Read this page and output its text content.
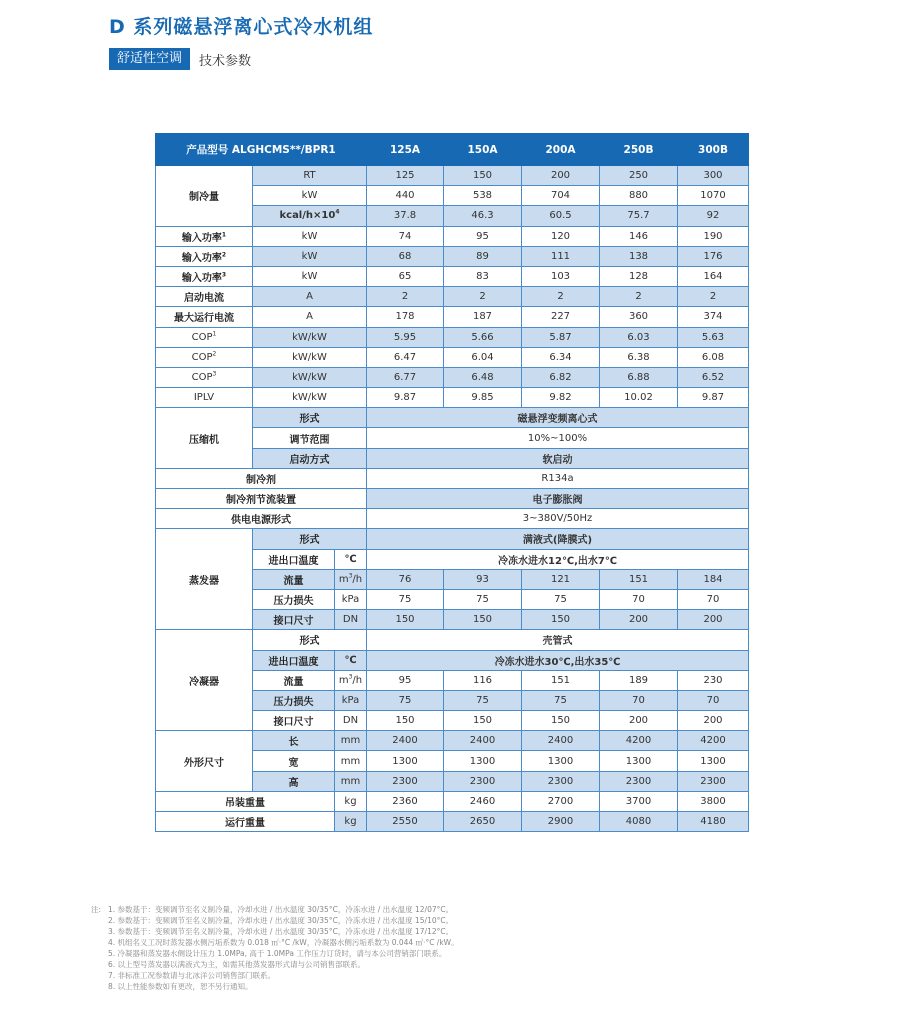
D 系列磁悬浮离心式冷水机组
舒适性空调	技术参数
产品型号 ALGHCMS**/BPR1			125A	150A	200A	250B	300B
制冷量	RT		125	150	200	250	300
	kW		440	538	704	880	1070
	kcal/$h\times 10^4$		37.8	46.3	60.5	75.7	92
输入功率$^1$	kW		74	95	120	146	190
输入功率$^2$	kW		68	89	111	138	176
输入功率$^3$	kW		65	83	103	128	164
启动电流	A		2	2	2	2	2
最大运行电流	A		178	187	227	360	374
COP$^1$	kW/kW		5.95	5.66	5.87	6.03	5.63
COP$^2$	kW/kW		6.47	6.04	6.34	6.38	6.08
COP$^3$	kW/kW		6.77	6.48	6.82	6.88	6.52
IPLV	kW/kW		9.87	9.85	9.82	10.02	9.87
压缩机	形式		磁悬浮变频离心式				
	调节范围		10%~100%				
	启动方式		软启动				
制冷剂			R134a				
制冷剂节流装置			电子膨胀阀				
供电电源形式			3~380V/50Hz				
蒸发器	形式		满液式(降膜式)				
	进出口温度	℃	冷冻水进水12℃,出水7℃				
	流量	$m^3/h$	76	93	121	151	184
	压力损失	kPa	75	75	75	70	70
	接口尺寸	DN	150	150	150	200	200
冷凝器	形式		壳管式				
	进出口温度	℃	冷冻水进水30℃,出水35℃				
	流量	$m^3/h$	95	116	151	189	230
	压力损失	kPa	75	75	75	70	70
	接口尺寸	DN	150	150	150	200	200
外形尺寸	长	mm	2400	2400	2400	4200	4200
	宽	mm	1300	1300	1300	1300	1300
	高	mm	2300	2300	2300	2300	2300
吊装重量		kg	2360	2460	2700	3700	3800
运行重量		kg	2550	2650	2900	4080	4180
注: 1. 参数基于：变频调节至名义制冷量，冷却水进 / 出水温度 30/35°C，冷冻水进 / 出水温度 12/07°C。
2. 参数基于：变频调节至名义制冷量，冷却水进 / 出水温度 30/35°C，冷冻水进 / 出水温度 15/10°C。
3. 参数基于：变频调节至名义制冷量，冷却水进 / 出水温度 30/35°C，冷冻水进 / 出水温度 17/12°C。
4. 机组名义工况时蒸发器水侧污垢系数为 0.018 ㎡·°C /kW，冷凝器水侧污垢系数为 0.044 ㎡·°C /kW。
5. 冷凝器和蒸发器水侧设计压力 1.0MPa, 高于 1.0MPa 工作压力订货时，请与本公司营销部门联系。
6. 以上型号蒸发器以满液式为主，如需其他蒸发器形式请与公司销售部联系。
7. 非标准工况参数请与北冰洋公司销售部门联系。
8. 以上性能参数如有更改，恕不另行通知。
